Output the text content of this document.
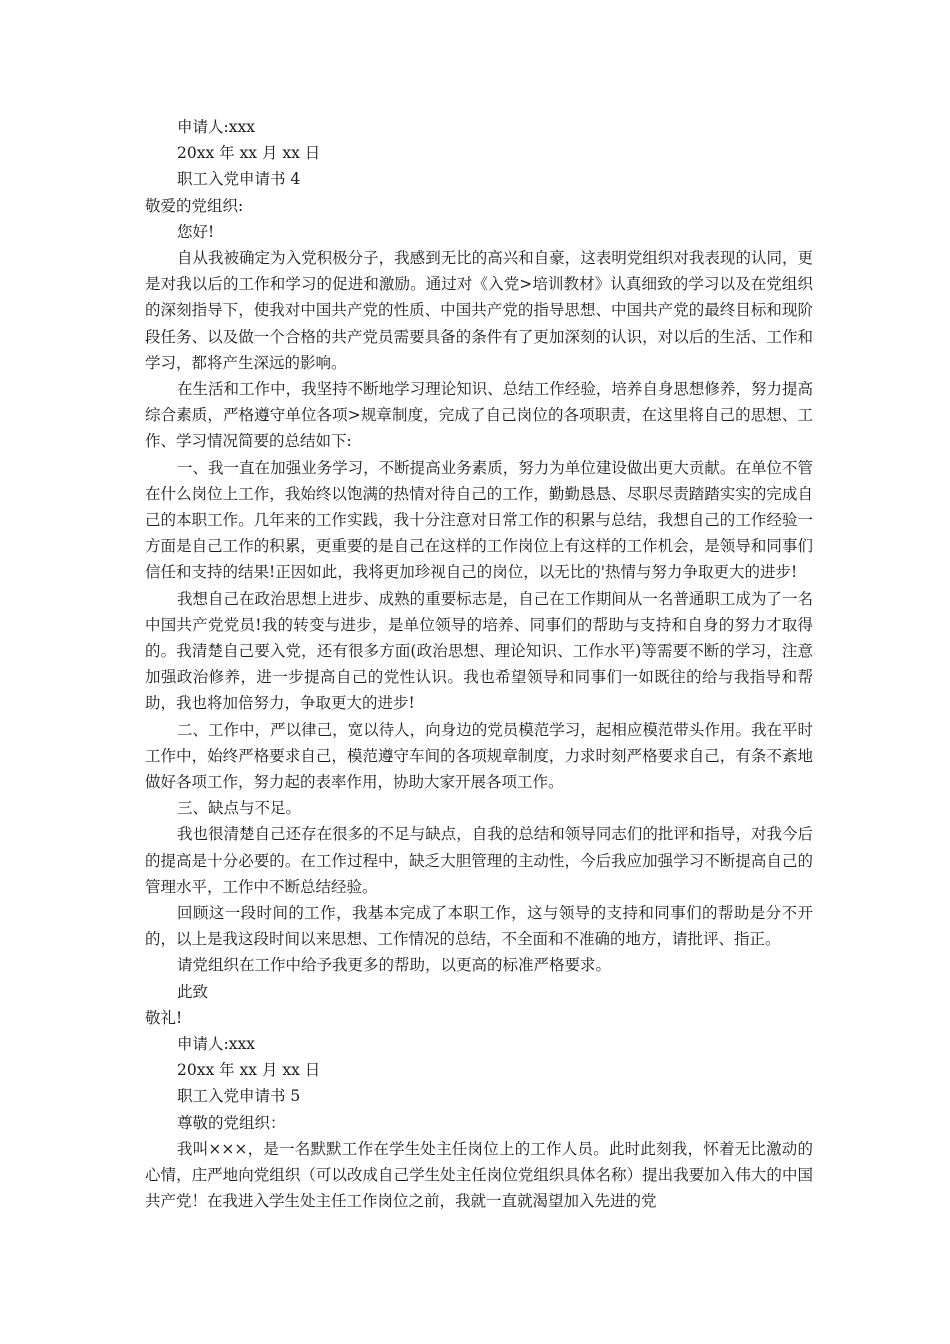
申请人:xxx
20xx 年 xx 月 xx 日
职工入党申请书 4
敬爱的党组织:
您好!
自从我被确定为入党积极分子，我感到无比的高兴和自豪，这表明党组织对我表现的认同，更是对我以后的工作和学习的促进和激励。通过对《入党>培训教材》认真细致的学习以及在党组织的深刻指导下，使我对中国共产党的性质、中国共产党的指导思想、中国共产党的最终目标和现阶段任务、以及做一个合格的共产党员需要具备的条件有了更加深刻的认识，对以后的生活、工作和学习，都将产生深远的影响。
在生活和工作中，我坚持不断地学习理论知识、总结工作经验，培养自身思想修养，努力提高综合素质，严格遵守单位各项>规章制度，完成了自己岗位的各项职责，在这里将自己的思想、工作、学习情况简要的总结如下:
一、我一直在加强业务学习，不断提高业务素质，努力为单位建设做出更大贡献。在单位不管在什么岗位上工作，我始终以饱满的热情对待自己的工作，勤勤恳恳、尽职尽责踏踏实实的完成自己的本职工作。几年来的工作实践，我十分注意对日常工作的积累与总结，我想自己的工作经验一方面是自己工作的积累，更重要的是自己在这样的工作岗位上有这样的工作机会，是领导和同事们信任和支持的结果!正因如此，我将更加珍视自己的岗位，以无比的'热情与努力争取更大的进步!
我想自己在政治思想上进步、成熟的重要标志是，自己在工作期间从一名普通职工成为了一名中国共产党党员!我的转变与进步，是单位领导的培养、同事们的帮助与支持和自身的努力才取得的。我清楚自己要入党，还有很多方面(政治思想、理论知识、工作水平)等需要不断的学习，注意加强政治修养，进一步提高自己的党性认识。我也希望领导和同事们一如既往的给与我指导和帮助，我也将加倍努力，争取更大的进步!
二、工作中，严以律己，宽以待人，向身边的党员模范学习，起相应模范带头作用。我在平时工作中，始终严格要求自己，模范遵守车间的各项规章制度，力求时刻严格要求自己，有条不紊地做好各项工作，努力起的表率作用，协助大家开展各项工作。
三、缺点与不足。
我也很清楚自己还存在很多的不足与缺点，自我的总结和领导同志们的批评和指导，对我今后的提高是十分必要的。在工作过程中，缺乏大胆管理的主动性，今后我应加强学习不断提高自己的管理水平，工作中不断总结经验。
回顾这一段时间的工作，我基本完成了本职工作，这与领导的支持和同事们的帮助是分不开的，以上是我这段时间以来思想、工作情况的总结，不全面和不准确的地方，请批评、指正。
请党组织在工作中给予我更多的帮助，以更高的标准严格要求。
此致
敬礼!
申请人:xxx
20xx 年 xx 月 xx 日
职工入党申请书 5
尊敬的党组织：
我叫×××，是一名默默工作在学生处主任岗位上的工作人员。此时此刻我，怀着无比激动的心情，庄严地向党组织（可以改成自己学生处主任岗位党组织具体名称）提出我要加入伟大的中国共产党！在我进入学生处主任工作岗位之前，我就一直就渴望加入先进的党
